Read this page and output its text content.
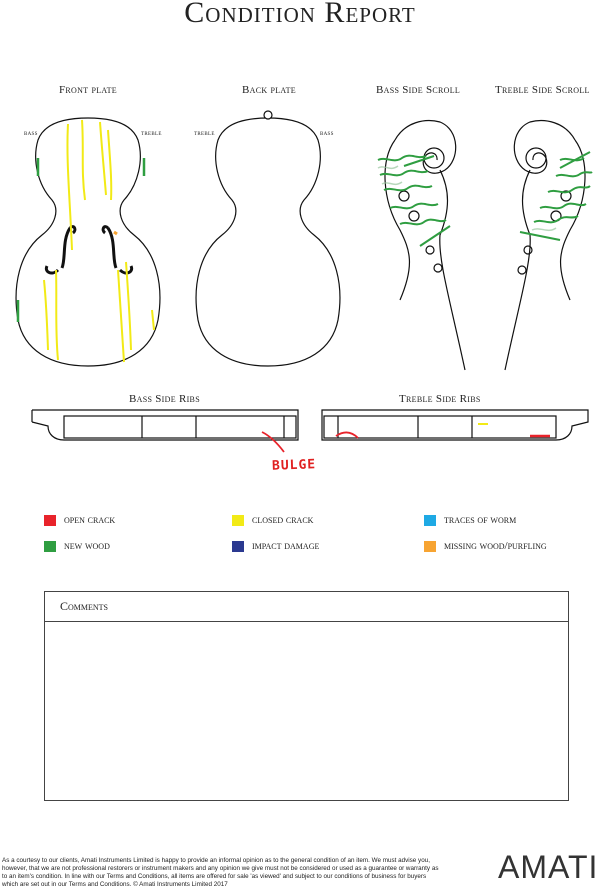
Condition Report
Front plate	Back plate	Bass Side Scroll	Treble Side Scroll
Bass Side Ribs	Treble Side Ribs
bass	treble	treble	bass
BULGE
open crack	closed crack	traces of worm
new wood	impact damage	missing wood/purfling
Comments
As a courtesy to our clients, Amati Instruments Limited is happy to provide an informal opinion as to the general condition of an item. We must advise you, however, that we are not professional restorers or instrument makers and any opinion we give must not be considered or used as a guarantee or warranty as to an item's condition. In line with our Terms and Conditions, all items are offered for sale 'as viewed' and subject to our conditions of business for buyers which are set out in our Terms and Conditions. © Amati Instruments Limited 2017	AMATI
